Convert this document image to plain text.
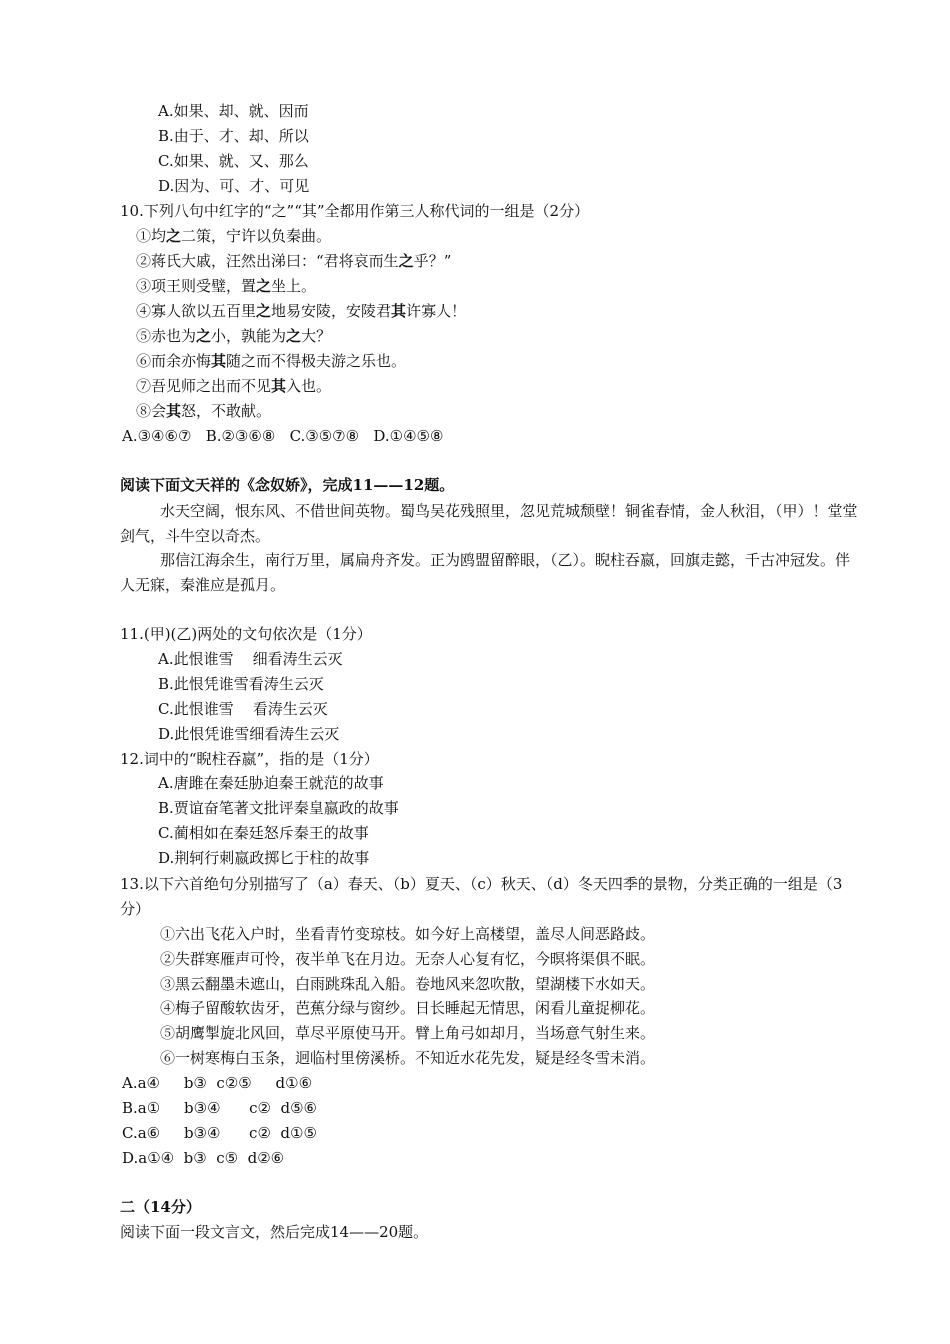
A.如果、却、就、因而
B.由于、才、却、所以
C.如果、就、又、那么
D.因为、可、才、可见
10.下列八句中红字的“之”“其”全都用作第三人称代词的一组是（2分）
①均之二策，宁许以负秦曲。
②蒋氏大戚，汪然出涕曰：“君将哀而生之乎？”
③项王则受璧，置之坐上。
④寡人欲以五百里之地易安陵，安陵君其许寡人！
⑤赤也为之小，孰能为之大？
⑥而余亦悔其随之而不得极夫游之乐也。
⑦吾见师之出而不见其入也。
⑧会其怒，不敢献。
A.③④⑥⑦   B.②③⑥⑧   C.③⑤⑦⑧   D.①④⑤⑧
阅读下面文天祥的《念奴娇》，完成11——12题。
水天空阔，恨东风、不借世间英物。蜀鸟吴花残照里，忽见荒城颓壁！铜雀春情，金人秋泪，（甲）！堂堂剑气，斗牛空以奇杰。
那信江海余生，南行万里，属扁舟齐发。正为鸥盟留醉眼，（乙）。睨柱吞嬴，回旗走懿，千古冲冠发。伴人无寐，秦淮应是孤月。
11.(甲)(乙)两处的文句依次是（1分）
A.此恨谁雪    细看涛生云灭
B.此恨凭谁雪看涛生云灭
C.此恨谁雪    看涛生云灭
D.此恨凭谁雪细看涛生云灭
12.词中的“睨柱吞嬴”，指的是（1分）
A.唐雎在秦廷胁迫秦王就范的故事
B.贾谊奋笔著文批评秦皇嬴政的故事
C.蔺相如在秦廷怒斥秦王的故事
D.荆轲行刺嬴政掷匕于柱的故事
13.以下六首绝句分别描写了（a）春天、（b）夏天、（c）秋天、（d）冬天四季的景物，分类正确的一组是（3分）
①六出飞花入户时，坐看青竹变琼枝。如今好上高楼望，盖尽人间恶路歧。
②失群寒雁声可怜，夜半单飞在月边。无奈人心复有忆，今暝将渠俱不眠。
③黑云翻墨未遮山，白雨跳珠乱入船。卷地风来忽吹散，望湖楼下水如天。
④梅子留酸软齿牙，芭蕉分绿与窗纱。日长睡起无情思，闲看儿童捉柳花。
⑤胡鹰掣旋北风回，草尽平原使马开。臂上角弓如却月，当场意气射生来。
⑥一树寒梅白玉条，迥临村里傍溪桥。不知近水花先发，疑是经冬雪未消。
A.a④     b③  c②⑤     d①⑥
B.a①     b③④      c②  d⑤⑥
C.a⑥     b③④      c②  d①⑤
D.a①④  b③  c⑤  d②⑥
二（14分）
阅读下面一段文言文，然后完成14——20题。
